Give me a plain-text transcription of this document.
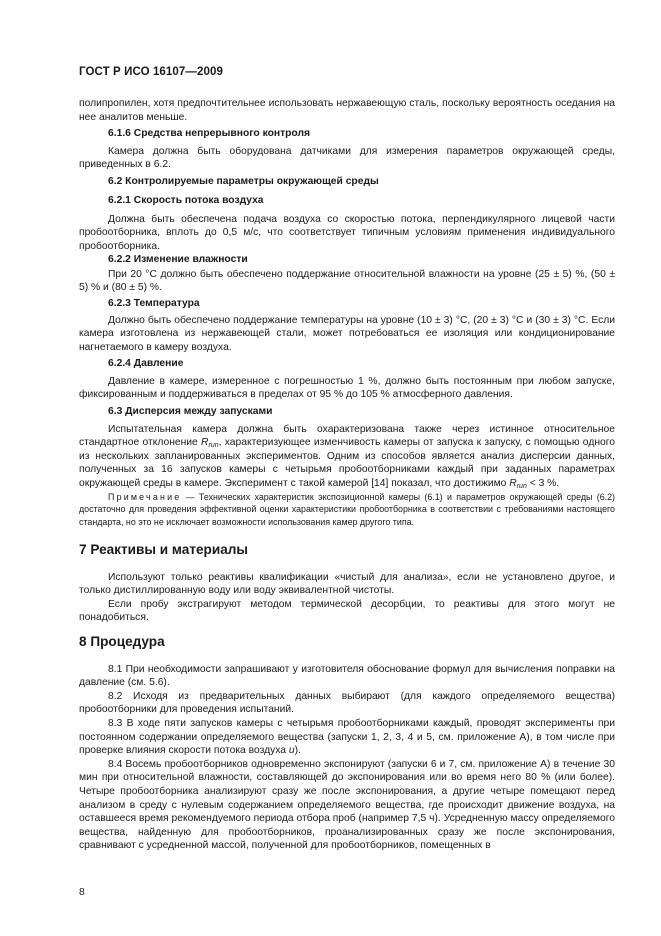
ГОСТ Р ИСО 16107—2009

полипропилен, хотя предпочтительнее использовать нержавеющую сталь, поскольку вероятность оседания на нее аналитов меньше.

6.1.6 Средства непрерывного контроля

Камера должна быть оборудована датчиками для измерения параметров окружающей среды, приведенных в 6.2.

6.2 Контролируемые параметры окружающей среды
6.2.1 Скорость потока воздуха

Должна быть обеспечена подача воздуха со скоростью потока, перпендикулярного лицевой части пробоотборника, вплоть до 0,5 м/с, что соответствует типичным условиям применения индивидуального пробоотборника.

6.2.2 Изменение влажности

При 20 °С должно быть обеспечено поддержание относительной влажности на уровне (25 ± 5) %, (50 ± 5) % и (80 ± 5) %.

6.2.3 Температура

Должно быть обеспечено поддержание температуры на уровне (10 ± 3) °С, (20 ± 3) °С и (30 ± 3) °С. Если камера изготовлена из нержавеющей стали, может потребоваться ее изоляция или кондиционирование нагнетаемого в камеру воздуха.

6.2.4 Давление

Давление в камере, измеренное с погрешностью 1 %, должно быть постоянным при любом запуске, фиксированным и поддерживаться в пределах от 95 % до 105 % атмосферного давления.

6.3 Дисперсия между запусками

Испытательная камера должна быть охарактеризована также через истинное относительное стандартное отклонение $R_{run}$, характеризующее изменчивость камеры от запуска к запуску, с помощью одного из нескольких запланированных экспериментов. Одним из способов является анализ дисперсии данных, полученных за 16 запусков камеры с четырьмя пробоотборниками каждый при заданных параметрах окружающей среды в камере. Эксперимент с такой камерой [14] показал, что достижимо $R_{run} < 3$ %.

Примечание — Технических характеристик экспозиционной камеры (6.1) и параметров окружающей среды (6.2) достаточно для проведения эффективной оценки характеристики пробоотборника в соответствии с требованиями настоящего стандарта, но это не исключает возможности использования камер другого типа.

7 Реактивы и материалы

Используют только реактивы квалификации «чистый для анализа», если не установлено другое, и только дистиллированную воду или воду эквивалентной чистоты.

Если пробу экстрагируют методом термической десорбции, то реактивы для этого могут не понадобиться.

8 Процедура

8.1 При необходимости запрашивают у изготовителя обоснование формул для вычисления поправки на давление (см. 5.6).

8.2 Исходя из предварительных данных выбирают (для каждого определяемого вещества) пробоотборники для проведения испытаний.

8.3 В ходе пяти запусков камеры с четырьмя пробоотборниками каждый, проводят эксперименты при постоянном содержании определяемого вещества (запуски 1, 2, 3, 4 и 5, см. приложение А), в том числе при проверке влияния скорости потока воздуха u).

8.4 Восемь пробоотборников одновременно экспонируют (запуски 6 и 7, см. приложение А) в течение 30 мин при относительной влажности, составляющей до экспонирования или во время него 80 % (или более). Четыре пробоотборника анализируют сразу же после экспонирования, а другие четыре помещают перед анализом в среду с нулевым содержанием определяемого вещества, где происходит движение воздуха, на оставшееся время рекомендуемого периода отбора проб (например 7,5 ч). Усредненную массу определяемого вещества, найденную для пробоотборников, проанализированных сразу же после экспонирования, сравнивают с усредненной массой, полученной для пробоотборников, помещенных в

8
